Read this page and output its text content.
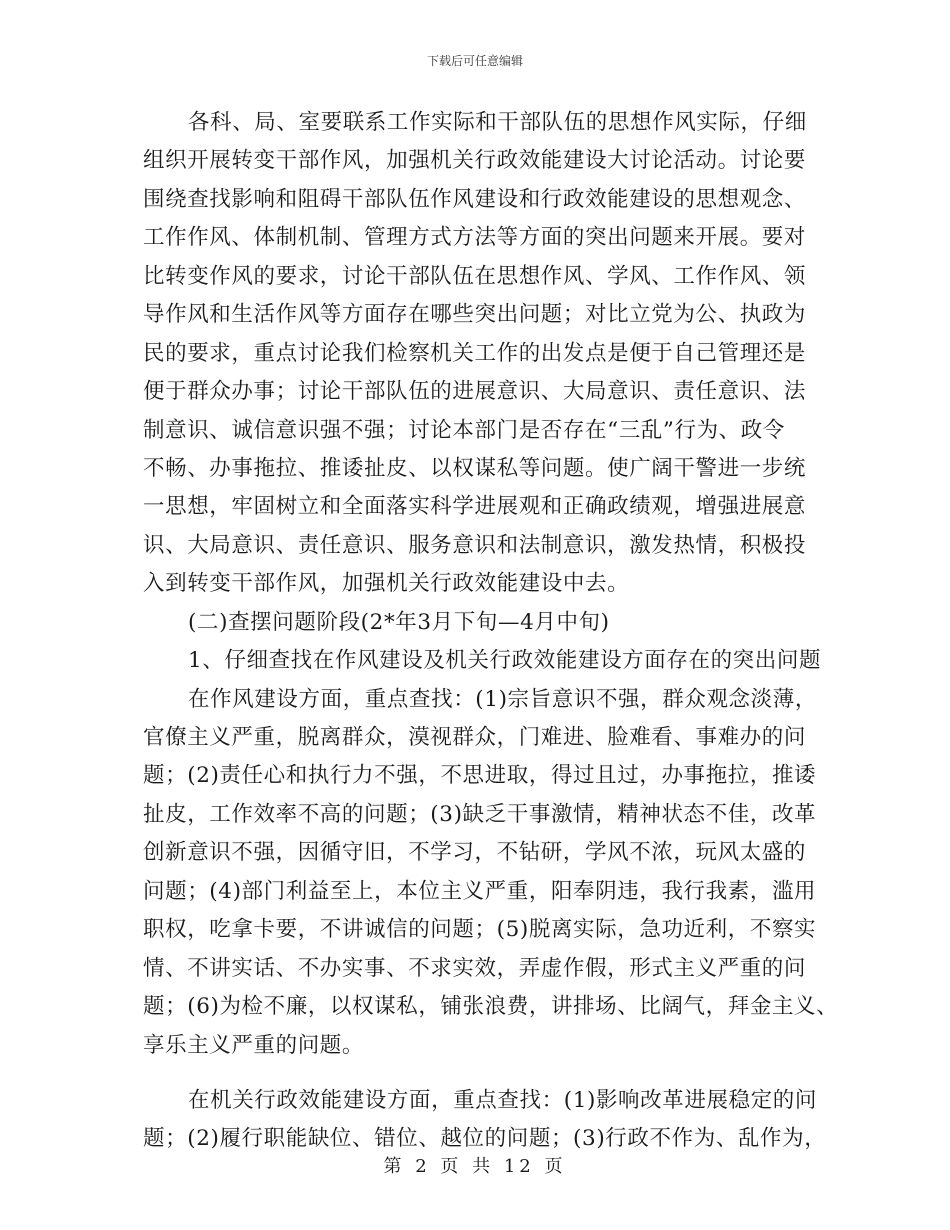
下载后可任意编辑
各科、局、室要联系工作实际和干部队伍的思想作风实际，仔细
组织开展转变干部作风，加强机关行政效能建设大讨论活动。讨论要
围绕查找影响和阻碍干部队伍作风建设和行政效能建设的思想观念、
工作作风、体制机制、管理方式方法等方面的突出问题来开展。要对
比转变作风的要求，讨论干部队伍在思想作风、学风、工作作风、领
导作风和生活作风等方面存在哪些突出问题；对比立党为公、执政为
民的要求，重点讨论我们检察机关工作的出发点是便于自己管理还是
便于群众办事；讨论干部队伍的进展意识、大局意识、责任意识、法
制意识、诚信意识强不强；讨论本部门是否存在“三乱”行为、政令
不畅、办事拖拉、推诿扯皮、以权谋私等问题。使广阔干警进一步统
一思想，牢固树立和全面落实科学进展观和正确政绩观，增强进展意
识、大局意识、责任意识、服务意识和法制意识，激发热情，积极投
入到转变干部作风，加强机关行政效能建设中去。
(二)查摆问题阶段(2*年3月下旬—4月中旬)
1、仔细查找在作风建设及机关行政效能建设方面存在的突出问题
在作风建设方面，重点查找：(1)宗旨意识不强，群众观念淡薄，
官僚主义严重，脱离群众，漠视群众，门难进、脸难看、事难办的问
题；(2)责任心和执行力不强，不思进取，得过且过，办事拖拉，推诿
扯皮，工作效率不高的问题；(3)缺乏干事激情，精神状态不佳，改革
创新意识不强，因循守旧，不学习，不钻研，学风不浓，玩风太盛的
问题；(4)部门利益至上，本位主义严重，阳奉阴违，我行我素，滥用
职权，吃拿卡要，不讲诚信的问题；(5)脱离实际，急功近利，不察实
情、不讲实话、不办实事、不求实效，弄虚作假，形式主义严重的问
题；(6)为检不廉，以权谋私，铺张浪费，讲排场、比阔气，拜金主义、
享乐主义严重的问题。
在机关行政效能建设方面，重点查找：(1)影响改革进展稳定的问
题；(2)履行职能缺位、错位、越位的问题；(3)行政不作为、乱作为，
第 2 页 共 12 页
